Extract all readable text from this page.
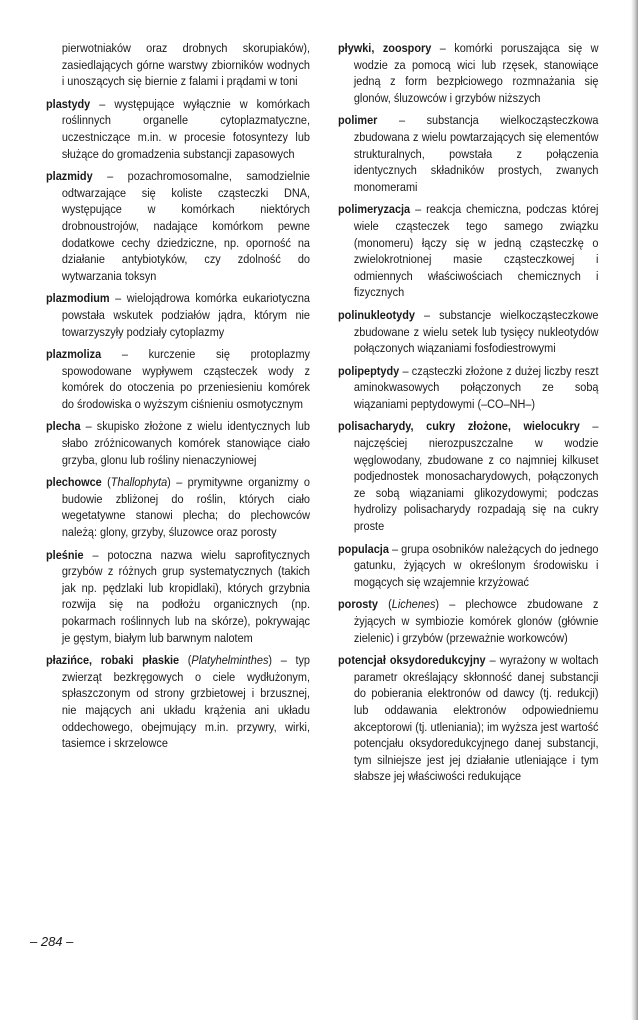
pierwotniaków oraz drobnych skorupiaków), zasiedlających górne warstwy zbiorników wodnych i unoszących się biernie z falami i prądami w toni

plastydy – występujące wyłącznie w komórkach roślinnych organelle cytoplazmatyczne, uczestniczące m.in. w procesie fotosyntezy lub służące do gromadzenia substancji zapasowych

plazmidy – pozachromosomalne, samodzielnie odtwarzające się koliste cząsteczki DNA, występujące w komórkach niektórych drobnoustrojów, nadające komórkom pewne dodatkowe cechy dziedziczne, np. oporność na działanie antybiotyków, czy zdolność do wytwarzania toksyn

plazmodium – wielojądrowa komórka eukariotyczna powstała wskutek podziałów jądra, którym nie towarzyszyły podziały cytoplazmy

plazmoliza – kurczenie się protoplazmy spowodowane wypływem cząsteczek wody z komórek do otoczenia po przeniesieniu komórek do środowiska o wyższym ciśnieniu osmotycznym

plecha – skupisko złożone z wielu identycznych lub słabo zróżnicowanych komórek stanowiące ciało grzyba, glonu lub rośliny nienaczyniowej

plechowce (Thallophyta) – prymitywne organizmy o budowie zbliżonej do roślin, których ciało wegetatywne stanowi plecha; do plechowców należą: glony, grzyby, śluzowce oraz porosty

pleśnie – potoczna nazwa wielu saprofitycznych grzybów z różnych grup systematycznych (takich jak np. pędzlaki lub kropidlaki), których grzybnia rozwija się na podłożu organicznych (np. pokarmach roślinnych lub na skórze), pokrywając je gęstym, białym lub barwnym nalotem

płazińce, robaki płaskie (Platyhelminthes) – typ zwierząt bezkręgowych o ciele wydłużonym, spłaszczonym od strony grzbietowej i brzusznej, nie mających ani układu krążenia ani układu oddechowego, obejmujący m.in. przywry, wirki, tasiemce i skrzelowce

pływki, zoospory – komórki poruszająca się w wodzie za pomocą wici lub rzęsek, stanowiące jedną z form bezpłciowego rozmnażania się glonów, śluzowców i grzybów niższych

polimer – substancja wielkocząsteczkowa zbudowana z wielu powtarzających się elementów strukturalnych, powstała z połączenia identycznych składników prostych, zwanych monomerami

polimeryzacja – reakcja chemiczna, podczas której wiele cząsteczek tego samego związku (monomeru) łączy się w jedną cząsteczkę o zwielokrotnionej masie cząsteczkowej i odmiennych właściwościach chemicznych i fizycznych

polinukleotydy – substancje wielkocząsteczkowe zbudowane z wielu setek lub tysięcy nukleotydów połączonych wiązaniami fosfodiestrowymi

polipeptydy – cząsteczki złożone z dużej liczby reszt aminokwasowych połączonych ze sobą wiązaniami peptydowymi (–CO–NH–)

polisacharydy, cukry złożone, wielocukry – najczęściej nierozpuszczalne w wodzie węglowodany, zbudowane z co najmniej kilkuset podjednostek monosacharydowych, połączonych ze sobą wiązaniami glikozydowymi; podczas hydrolizy polisacharydy rozpadają się na cukry proste

populacja – grupa osobników należących do jednego gatunku, żyjących w określonym środowisku i mogących się wzajemnie krzyżować

porosty (Lichenes) – plechowce zbudowane z żyjących w symbiozie komórek glonów (głównie zielenic) i grzybów (przeważnie workowców)

potencjał oksydoredukcyjny – wyrażony w woltach parametr określający skłonność danej substancji do pobierania elektronów od dawcy (tj. redukcji) lub oddawania elektronów odpowiedniemu akceptorowi (tj. utleniania); im wyższa jest wartość potencjału oksydoredukcyjnego danej substancji, tym silniejsze jest jej działanie utleniające i tym słabsze jej właściwości redukujące

– 284 –
